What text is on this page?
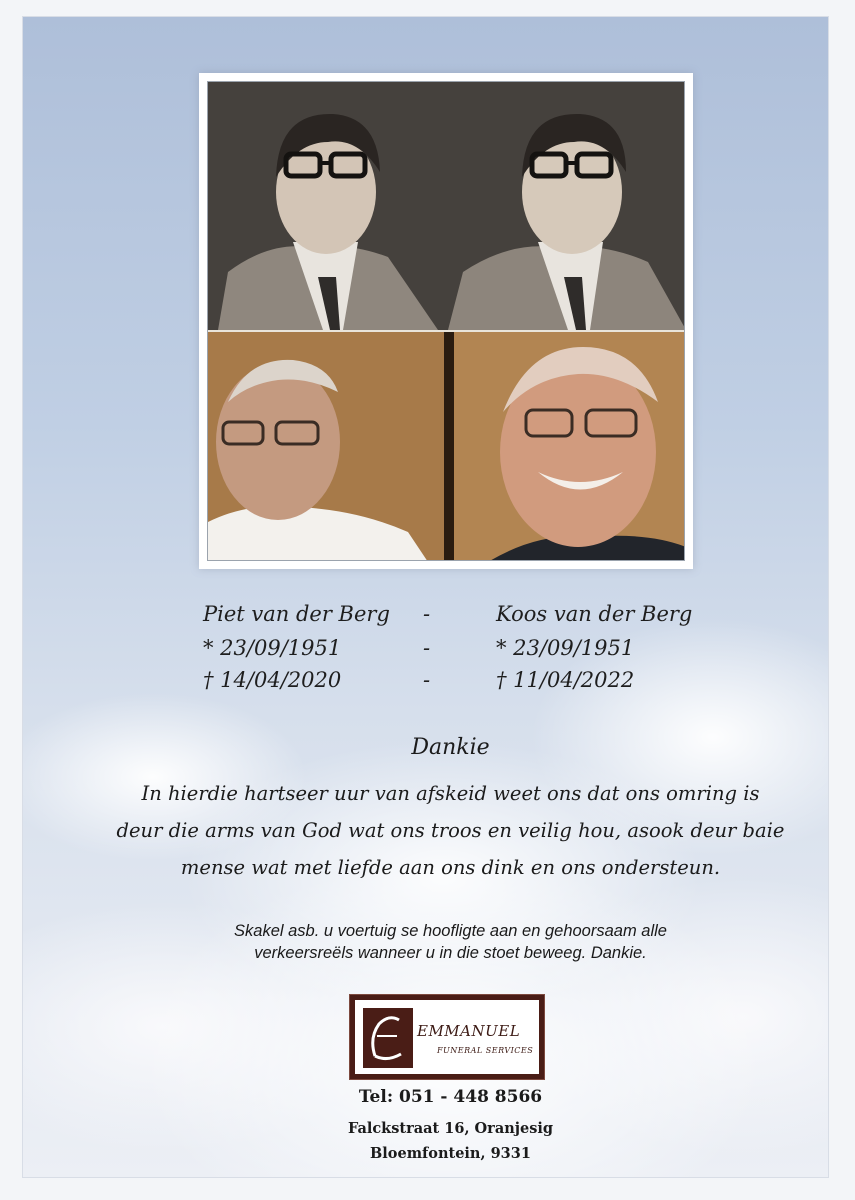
Piet van der Berg -	Koos van der Berg
* 23/09/1951	-	* 23/09/1951
† 14/04/2020	-	† 11/04/2022
Dankie
In hierdie hartseer uur van afskeid weet ons dat ons omring is
deur die arms van God wat ons troos en veilig hou, asook deur baie
mense wat met liefde aan ons dink en ons ondersteun.
Skakel asb. u voertuig se hoofligte aan en gehoorsaam alle
verkeersreëls wanneer u in die stoet beweeg. Dankie.
EMMANUEL
FUNERAL SERVICES
Tel: 051 - 448 8566
Falckstraat 16, Oranjesig
Bloemfontein, 9331
